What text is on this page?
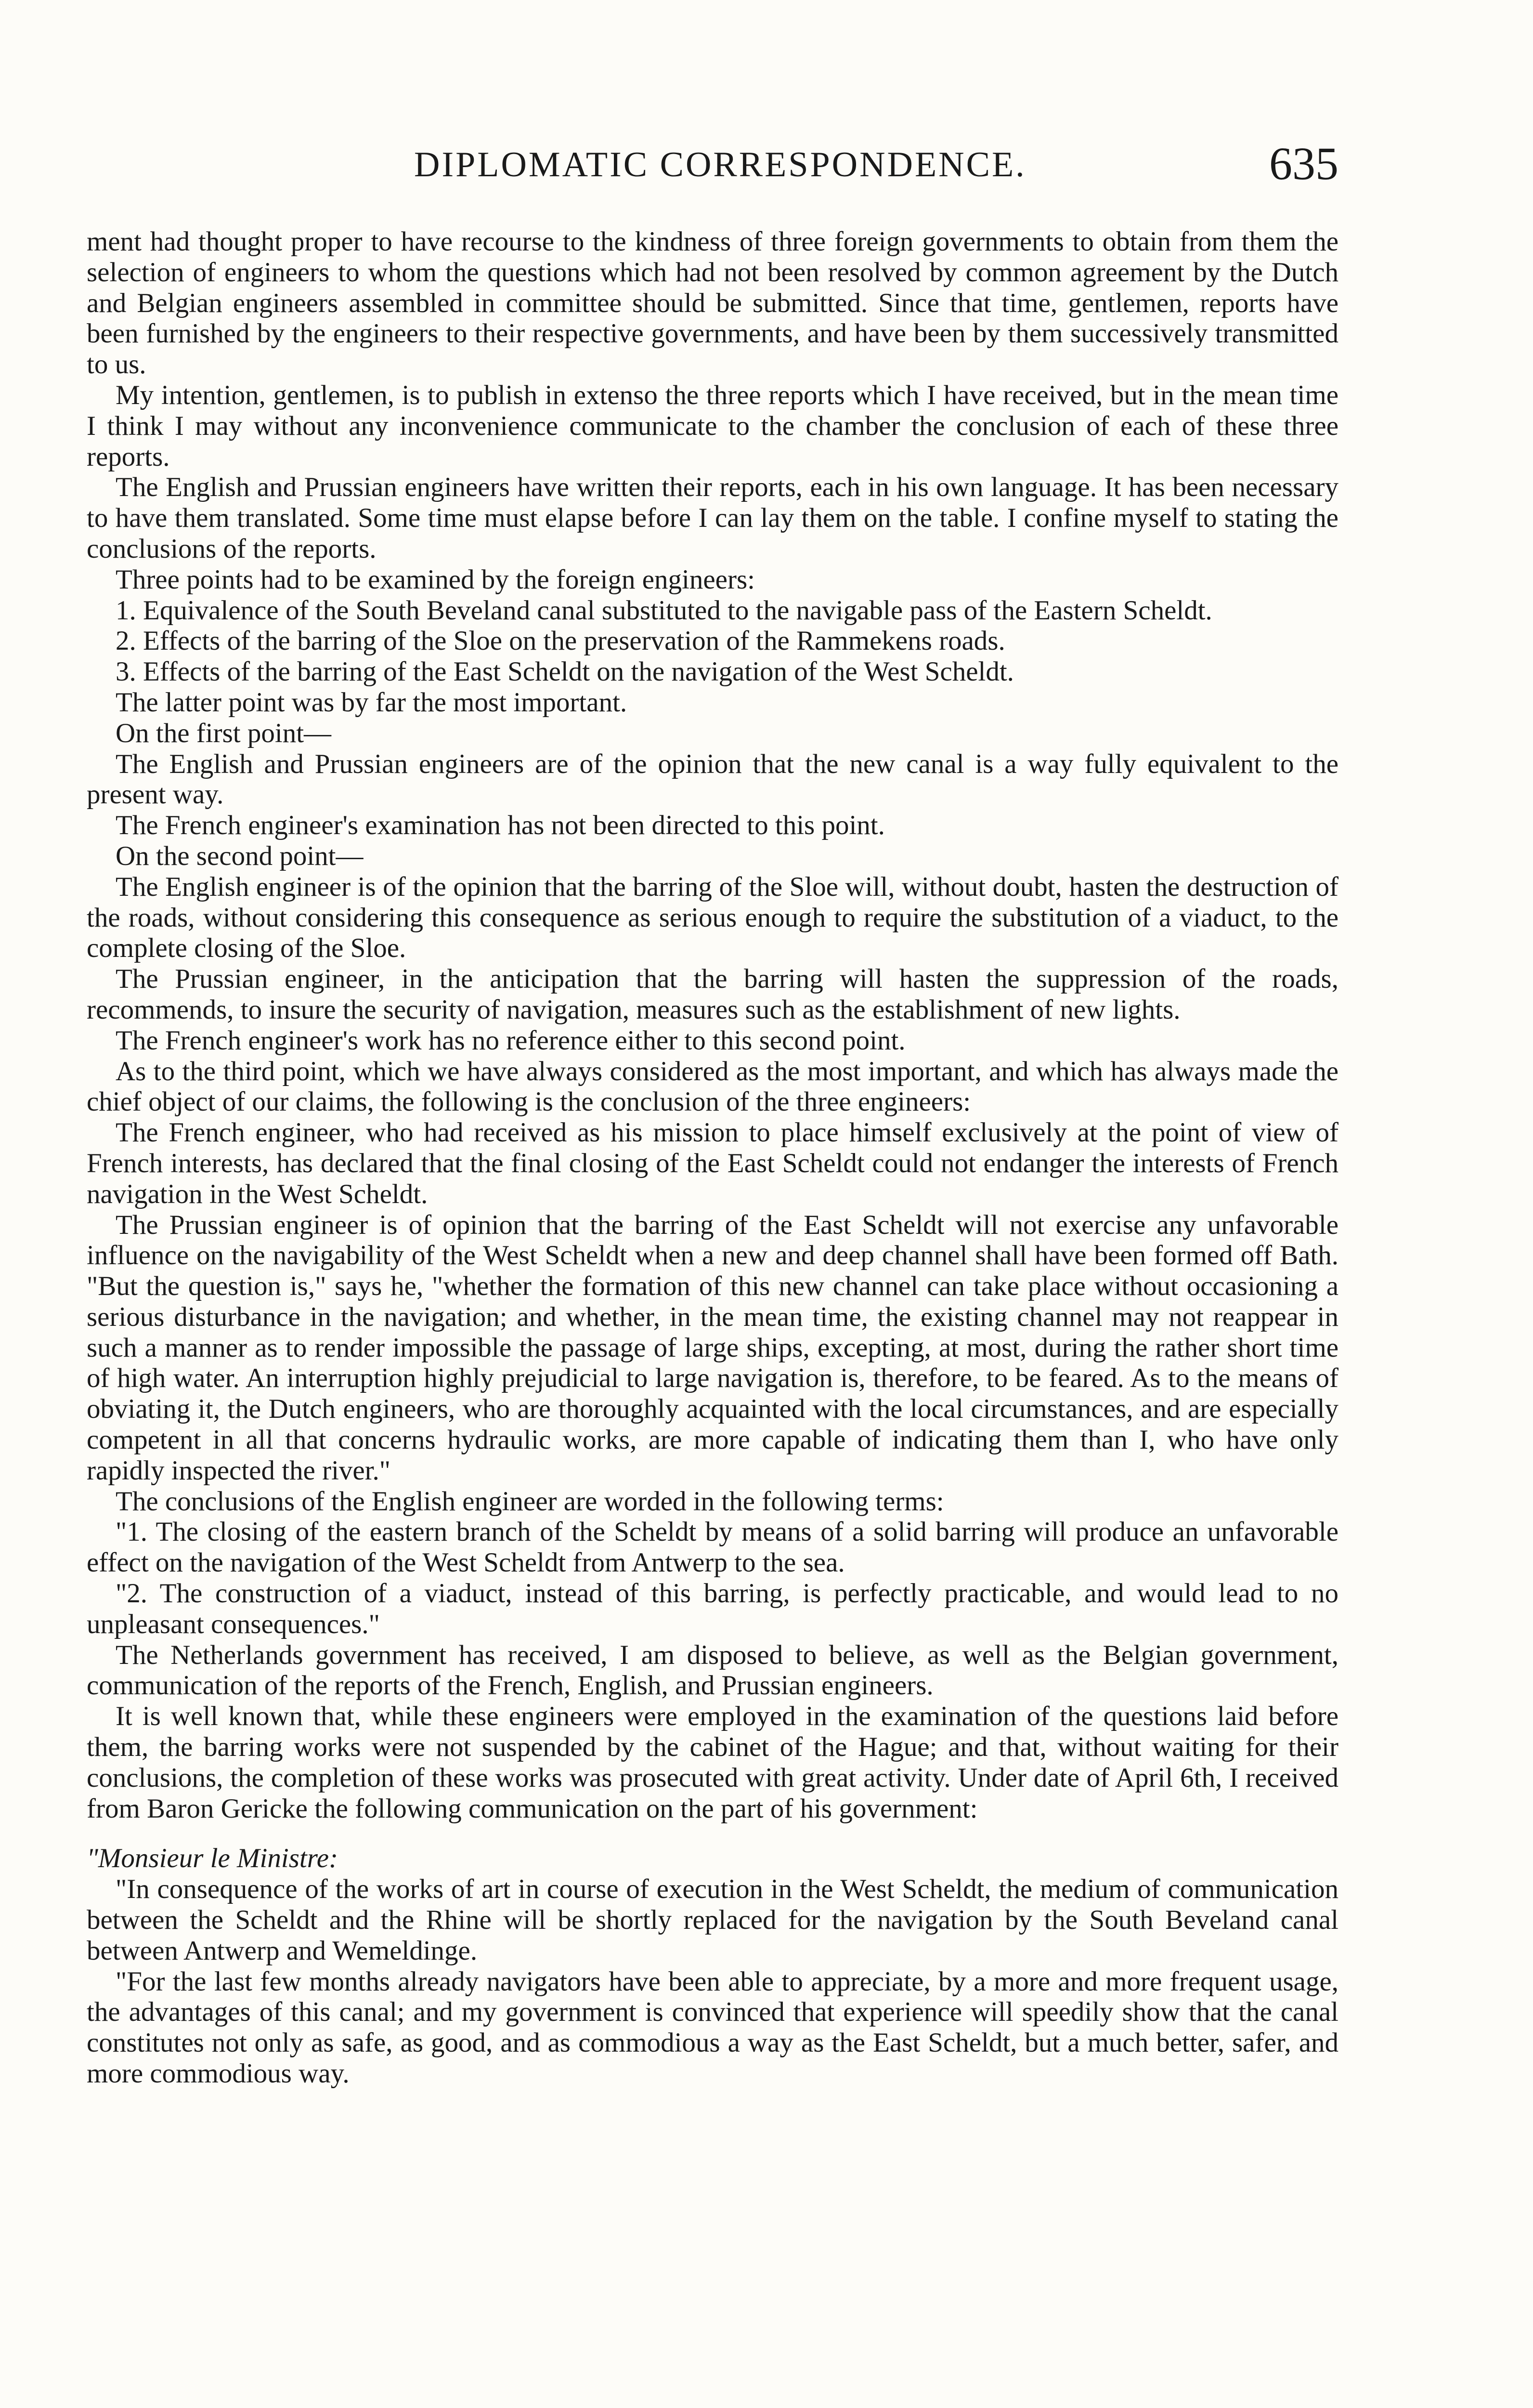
DIPLOMATIC CORRESPONDENCE.	635

ment had thought proper to have recourse to the kindness of three foreign governments to obtain from them the selection of engineers to whom the questions which had not been resolved by common agreement by the Dutch and Belgian engineers assembled in committee should be submitted. Since that time, gentlemen, reports have been furnished by the engineers to their respective governments, and have been by them successively transmitted to us.

My intention, gentlemen, is to publish in extenso the three reports which I have received, but in the mean time I think I may without any inconvenience communicate to the chamber the conclusion of each of these three reports.

The English and Prussian engineers have written their reports, each in his own language. It has been necessary to have them translated. Some time must elapse before I can lay them on the table. I confine myself to stating the conclusions of the reports.

Three points had to be examined by the foreign engineers:

1. Equivalence of the South Beveland canal substituted to the navigable pass of the Eastern Scheldt.

2. Effects of the barring of the Sloe on the preservation of the Rammekens roads.

3. Effects of the barring of the East Scheldt on the navigation of the West Scheldt.

The latter point was by far the most important.

On the first point—

The English and Prussian engineers are of the opinion that the new canal is a way fully equivalent to the present way.

The French engineer's examination has not been directed to this point.

On the second point—

The English engineer is of the opinion that the barring of the Sloe will, without doubt, hasten the destruction of the roads, without considering this consequence as serious enough to require the substitution of a viaduct, to the complete closing of the Sloe.

The Prussian engineer, in the anticipation that the barring will hasten the suppression of the roads, recommends, to insure the security of navigation, measures such as the establishment of new lights.

The French engineer's work has no reference either to this second point.

As to the third point, which we have always considered as the most important, and which has always made the chief object of our claims, the following is the conclusion of the three engineers:

The French engineer, who had received as his mission to place himself exclusively at the point of view of French interests, has declared that the final closing of the East Scheldt could not endanger the interests of French navigation in the West Scheldt.

The Prussian engineer is of opinion that the barring of the East Scheldt will not exercise any unfavorable influence on the navigability of the West Scheldt when a new and deep channel shall have been formed off Bath. "But the question is," says he, "whether the formation of this new channel can take place without occasioning a serious disturbance in the navigation; and whether, in the mean time, the existing channel may not reappear in such a manner as to render impossible the passage of large ships, excepting, at most, during the rather short time of high water. An interruption highly prejudicial to large navigation is, therefore, to be feared. As to the means of obviating it, the Dutch engineers, who are thoroughly acquainted with the local circumstances, and are especially competent in all that concerns hydraulic works, are more capable of indicating them than I, who have only rapidly inspected the river."

The conclusions of the English engineer are worded in the following terms:

"1. The closing of the eastern branch of the Scheldt by means of a solid barring will produce an unfavorable effect on the navigation of the West Scheldt from Antwerp to the sea.

"2. The construction of a viaduct, instead of this barring, is perfectly practicable, and would lead to no unpleasant consequences."

The Netherlands government has received, I am disposed to believe, as well as the Belgian government, communication of the reports of the French, English, and Prussian engineers.

It is well known that, while these engineers were employed in the examination of the questions laid before them, the barring works were not suspended by the cabinet of the Hague; and that, without waiting for their conclusions, the completion of these works was prosecuted with great activity. Under date of April 6th, I received from Baron Gericke the following communication on the part of his government:

"Monsieur le Ministre:

"In consequence of the works of art in course of execution in the West Scheldt, the medium of communication between the Scheldt and the Rhine will be shortly replaced for the navigation by the South Beveland canal between Antwerp and Wemeldinge.

"For the last few months already navigators have been able to appreciate, by a more and more frequent usage, the advantages of this canal; and my government is convinced that experience will speedily show that the canal constitutes not only as safe, as good, and as commodious a way as the East Scheldt, but a much better, safer, and more commodious way.
